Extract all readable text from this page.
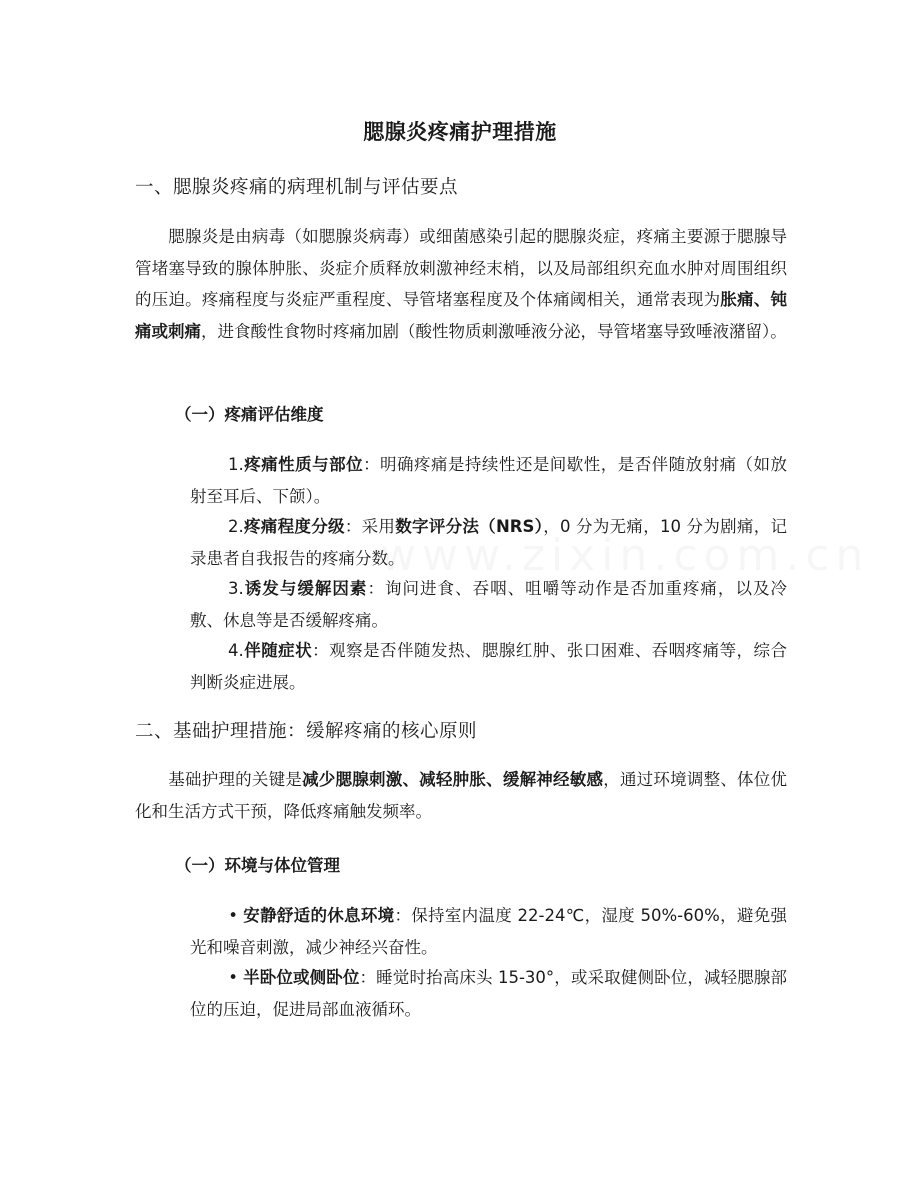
腮腺炎疼痛护理措施
一、腮腺炎疼痛的病理机制与评估要点
腮腺炎是由病毒（如腮腺炎病毒）或细菌感染引起的腮腺炎症，疼痛主要源于腮腺导管堵塞导致的腺体肿胀、炎症介质释放刺激神经末梢，以及局部组织充血水肿对周围组织的压迫。疼痛程度与炎症严重程度、导管堵塞程度及个体痛阈相关，通常表现为胀痛、钝痛或刺痛，进食酸性食物时疼痛加剧（酸性物质刺激唾液分泌，导管堵塞导致唾液潴留）。
（一）疼痛评估维度
1.疼痛性质与部位：明确疼痛是持续性还是间歇性，是否伴随放射痛（如放射至耳后、下颌）。
2.疼痛程度分级：采用数字评分法（NRS），0 分为无痛，10 分为剧痛，记录患者自我报告的疼痛分数。
3.诱发与缓解因素：询问进食、吞咽、咀嚼等动作是否加重疼痛，以及冷敷、休息等是否缓解疼痛。
4.伴随症状：观察是否伴随发热、腮腺红肿、张口困难、吞咽疼痛等，综合判断炎症进展。
二、基础护理措施：缓解疼痛的核心原则
基础护理的关键是减少腮腺刺激、减轻肿胀、缓解神经敏感，通过环境调整、体位优化和生活方式干预，降低疼痛触发频率。
（一）环境与体位管理
• 安静舒适的休息环境：保持室内温度 22-24℃，湿度 50%-60%，避免强光和噪音刺激，减少神经兴奋性。
• 半卧位或侧卧位：睡觉时抬高床头 15-30°，或采取健侧卧位，减轻腮腺部位的压迫，促进局部血液循环。
